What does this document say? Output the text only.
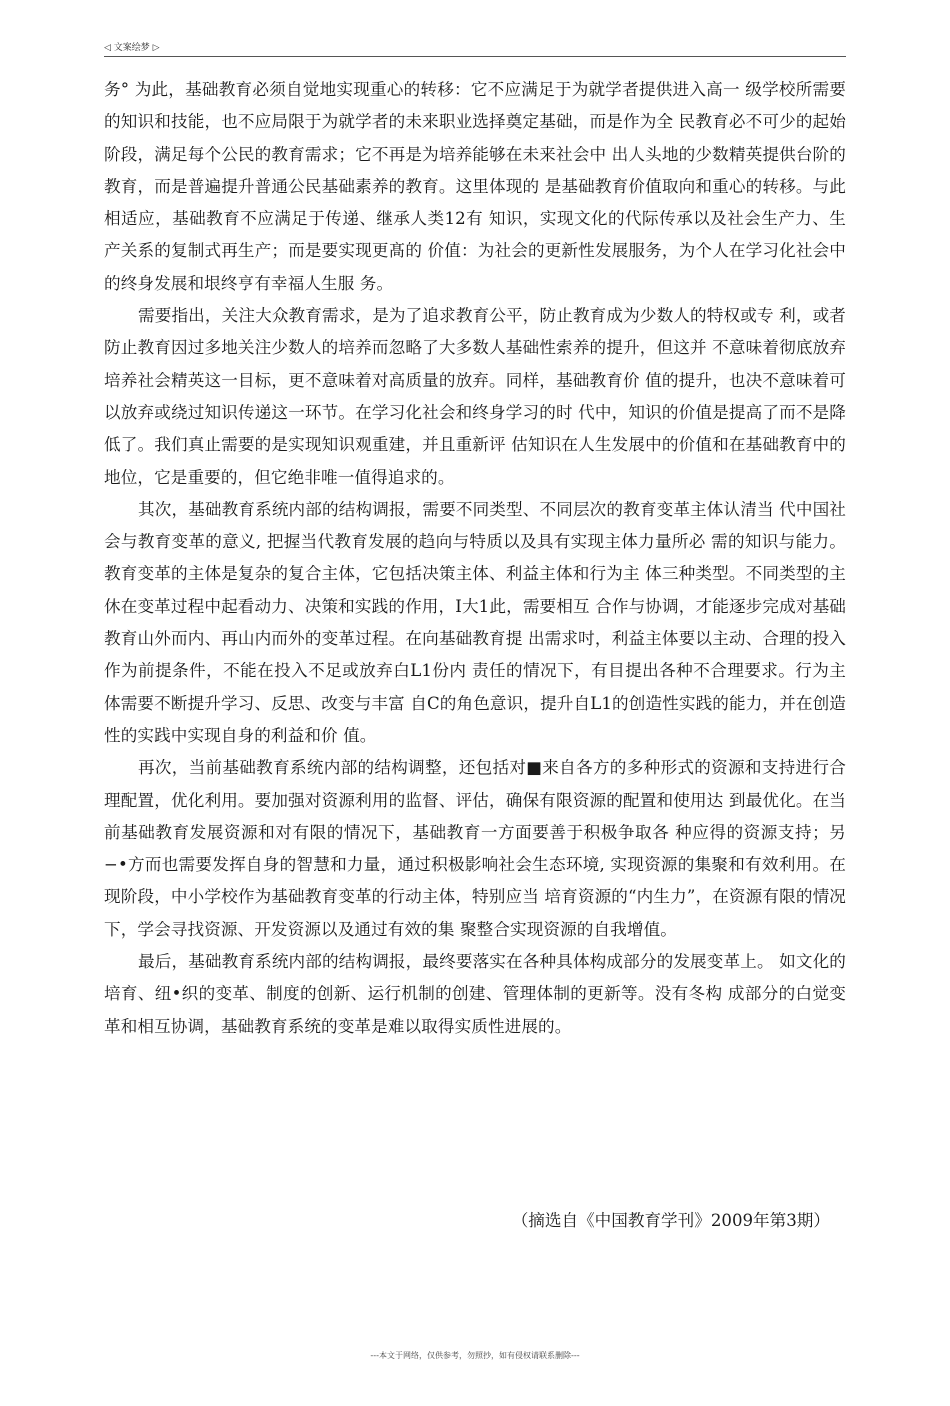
◁ 文案绘梦 ▷

务° 为此，基础教育必须自觉地实现重心的转移：它不应满足于为就学者提供进入高一 级学校所需要的知识和技能，也不应局限于为就学者的未来职业选择奠定基础，而是作为全 民教育必不可少的起始阶段，满足每个公民的教育需求；它不再是为培养能够在未来社会中 出人头地的少数精英提供台阶的教育，而是普遍提升普通公民基础素养的教育。这里体现的 是基础教育价值取向和重心的转移。与此相适应，基础教育不应满足于传递、继承人类12有 知识，实现文化的代际传承以及社会生产力、生产关系的复制式再生产；而是要实现更髙的 价值：为社会的更新性发展服务，为个人在学习化社会中的终身发展和垠终亨有幸福人生服 务。

需要指出，关注大众教育需求，是为了追求教育公平，防止教育成为少数人的特权或专 利，或者防止教育因过多地关注少数人的培养而忽略了大多数人基础性索养的提升，但这并 不意味着彻底放弃培养社会精英这一目标，更不意味着对高质量的放弃。同样，基础教育价 值的提升，也决不意味着可以放弃或绕过知识传递这一环节。在学习化社会和终身学习的时 代中，知识的价值是提高了而不是降低了。我们真止需要的是实现知识观重建，并且重新评 估知识在人生发展中的价值和在基础教育中的地位，它是重要的，但它绝非唯一值得追求的。

其次，基础教育系统内部的结构调报，需要不同类型、不同层次的教育变革主体认清当 代中国社会与教育变革的意义, 把握当代教育发展的趋向与特质以及具有实现主体力量所必 需的知识与能力。教育变革的主体是复杂的复合主体，它包括决策主体、利益主体和行为主 体三种类型。不同类型的主休在变革过程中起看动力、决策和实践的作用，I大1此，需要相互 合作与协调，才能逐步完成对基础教育山外而内、再山内而外的变革过程。在向基础教育提 出需求吋，利益主体要以主动、合理的投入作为前提条件，不能在投入不足或放弃白L1份内 责任的情况下，有目提出各种不合理要求。行为主体需要不断提升学习、反思、改变与丰富 自C的角色意识，提升自L1的创造性实践的能力，并在创造性的实践中实现自身的利益和价 值。

再次，当前基础教育系统内部的结构调整，还包括对■来自各方的多种形式的资源和支持进行合理配置，优化利用。要加强对资源利用的监督、评估，确保有限资源的配置和使用达 到最优化。在当前基础教育发展资源和对有限的情况下，基础教育一方面要善于积极争取各 种应得的资源支持；另−•方而也需要发挥自身的智慧和力量，通过积极影响社会生态环境, 实现资源的集聚和有效利用。在现阶段，中小学校作为基础教育变革的行动主体，特别应当 培育资源的“内生力”，在资源有限的情况下，学会寻找资源、开发资源以及通过有效的集 聚整合实现资源的自我增值。

最后，基础教育系统内部的结构调报，最终要落实在各种具体构成部分的发展变革上。 如文化的培育、纽•织的变革、制度的创新、运行机制的创建、管理体制的更新等。没有冬构 成部分的白觉变革和相互协调，基础教育系统的变革是难以取得实质性进展的。

（摘选自《中国教育学刊》2009年第3期）
---本文于网络，仅供参考，勿照抄，如有侵权请联系删除---
